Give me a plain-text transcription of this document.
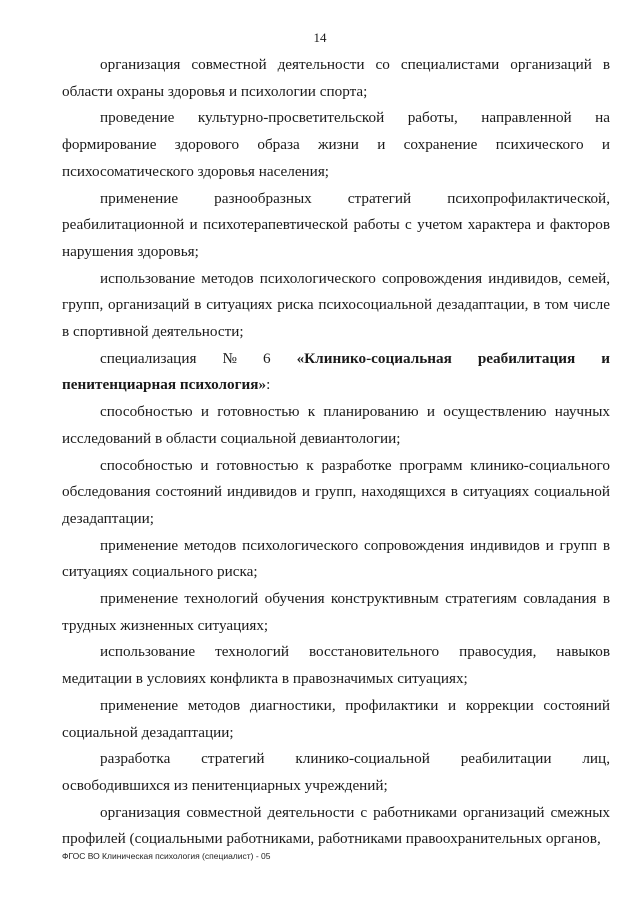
14

организация совместной деятельности со специалистами организаций в области охраны здоровья и психологии спорта;

проведение культурно-просветительской работы, направленной на формирование здорового образа жизни и сохранение психического и психосоматического здоровья населения;

применение разнообразных стратегий психопрофилактической, реабилитационной и психотерапевтической работы с учетом характера и факторов нарушения здоровья;

использование методов психологического сопровождения индивидов, семей, групп, организаций в ситуациях риска психосоциальной дезадаптации, в том числе в спортивной деятельности;

специализация № 6 «Клинико-социальная реабилитация и

пенитенциарная психология»:

способностью и готовностью к планированию и осуществлению научных исследований в области социальной девиантологии;

способностью и готовностью к разработке программ клинико-социального обследования состояний индивидов и групп, находящихся в ситуациях социальной дезадаптации;

применение методов психологического сопровождения индивидов и групп в ситуациях социального риска;

применение технологий обучения конструктивным стратегиям совладания в трудных жизненных ситуациях;

использование технологий восстановительного правосудия, навыков медитации в условиях конфликта в правозначимых ситуациях;

применение методов диагностики, профилактики и коррекции состояний социальной дезадаптации;

разработка стратегий клинико-социальной реабилитации лиц, освободившихся из пенитенциарных учреждений;

организация совместной деятельности с работниками организаций смежных профилей (социальными работниками, работниками правоохранительных органов,

ФГОС ВО Клиническая психология (специалист) - 05
